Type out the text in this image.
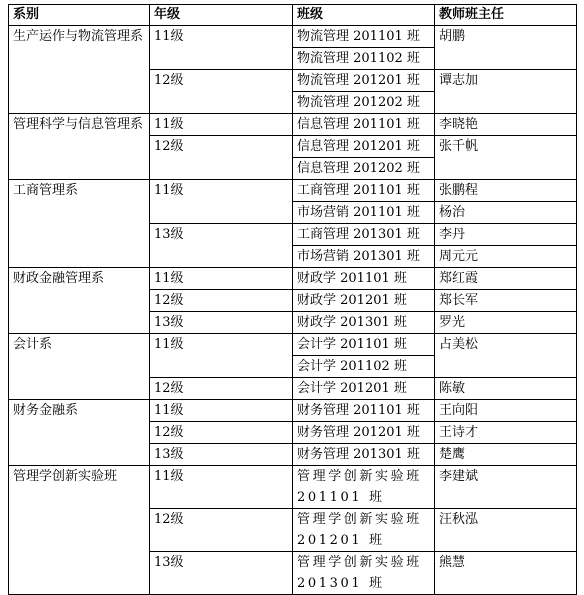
系别	年级	班级	教师班主任
生产运作与物流管理系	11级	物流管理 201101 班	胡鹏
		物流管理 201102 班	
	12级	物流管理 201201 班	谭志加
		物流管理 201202 班	
管理科学与信息管理系	11级	信息管理 201101 班	李晓艳
	12级	信息管理 201201 班	张千帆
		信息管理 201202 班	
工商管理系	11级	工商管理 201101 班	张鹏程
		市场营销 201101 班	杨治
	13级	工商管理 201301 班	李丹
		市场营销 201301 班	周元元
财政金融管理系	11级	财政学 201101 班	郑红霞
	12级	财政学 201201 班	郑长军
	13级	财政学 201301 班	罗光
会计系	11级	会计学 201101 班	占美松
		会计学 201102 班	
	12级	会计学 201201 班	陈敏
财务金融系	11级	财务管理 201101 班	王向阳
	12级	财务管理 201201 班	王诗才
	13级	财务管理 201301 班	楚鹰
管理学创新实验班	11级	管理学创新实验班 201101 班	李建斌
	12级	管理学创新实验班 201201 班	汪秋泓
	13级	管理学创新实验班 201301 班	熊慧
